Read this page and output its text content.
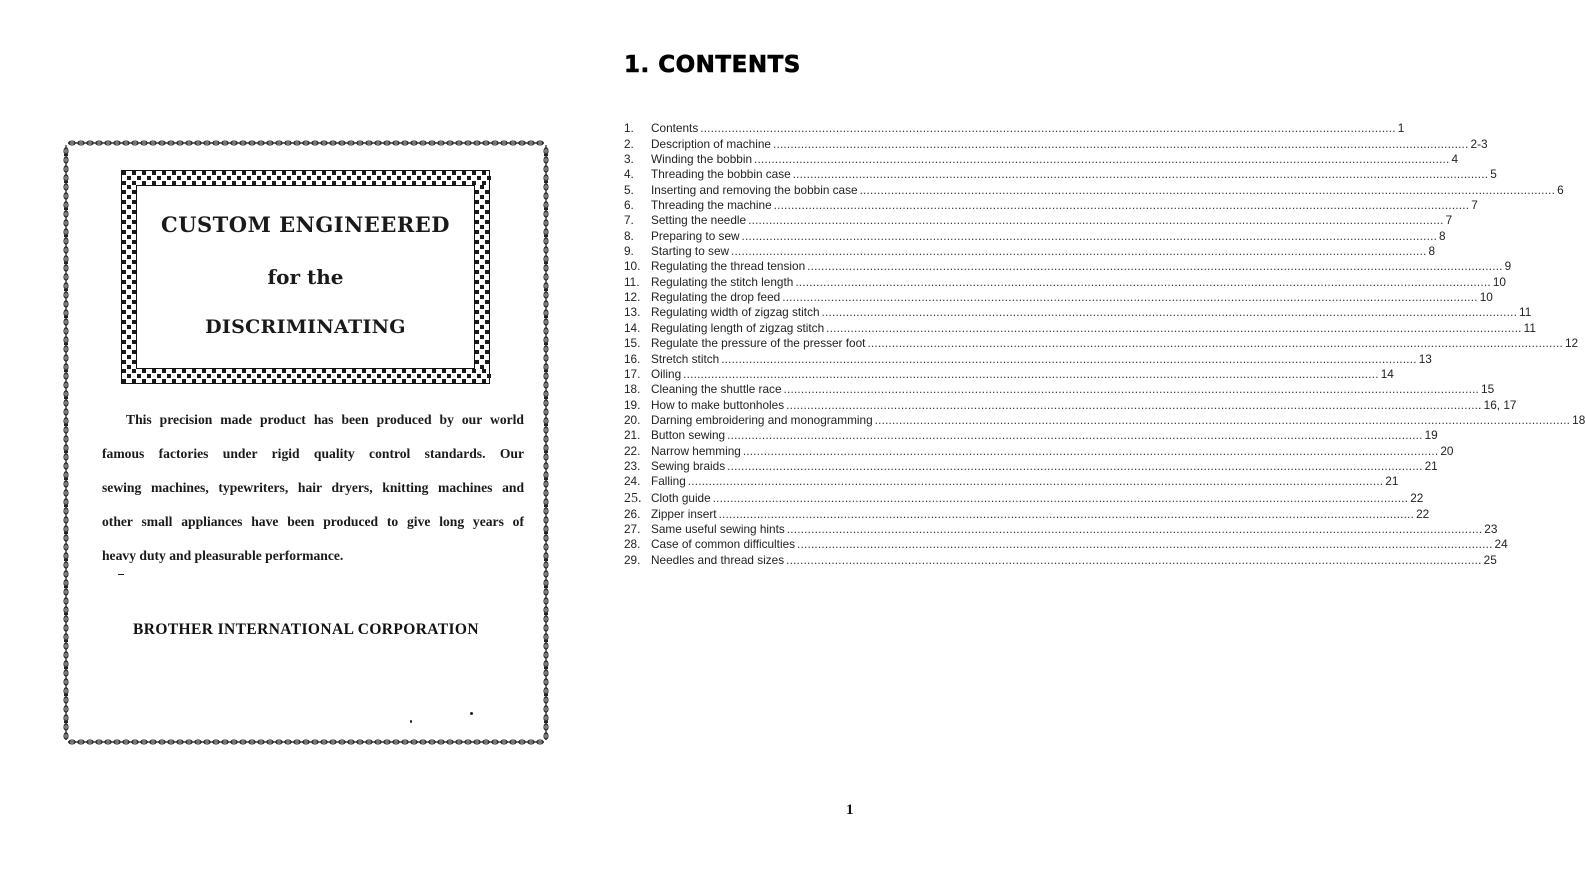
CUSTOM ENGINEERED
for the
DISCRIMINATING
This precision made product has been produced by our world
famous factories under rigid quality control standards. Our
sewing machines, typewriters, hair dryers, knitting machines and
other small appliances have been produced to give long years of
heavy duty and pleasurable performance.
BROTHER INTERNATIONAL CORPORATION
1. CONTENTS
1.	Contents ........................................................................................................................................................................................................ 1
2.	Description of machine ........................................................................................................................................................................................................ 2-3
3.	Winding the bobbin ........................................................................................................................................................................................................ 4
4.	Threading the bobbin case ........................................................................................................................................................................................................ 5
5.	Inserting and removing the bobbin case ........................................................................................................................................................................................................ 6
6.	Threading the machine ........................................................................................................................................................................................................ 7
7.	Setting the needle ........................................................................................................................................................................................................ 7
8.	Preparing to sew ........................................................................................................................................................................................................ 8
9.	Starting to sew ........................................................................................................................................................................................................ 8
10. Regulating the thread tension ........................................................................................................................................................................................................ 9
11. Regulating the stitch length ........................................................................................................................................................................................................ 10
12. Regulating the drop feed ........................................................................................................................................................................................................ 10
13. Regulating width of zigzag stitch ........................................................................................................................................................................................................ 11
14. Regulating length of zigzag stitch ........................................................................................................................................................................................................ 11
15. Regulate the pressure of the presser foot ........................................................................................................................................................................................................ 12
16. Stretch stitch ........................................................................................................................................................................................................ 13
17. Oiling ........................................................................................................................................................................................................ 14
18. Cleaning the shuttle race ........................................................................................................................................................................................................ 15
19. How to make buttonholes ........................................................................................................................................................................................................ 16, 17
20. Darning embroidering and monogramming ........................................................................................................................................................................................................ 18
21. Button sewing ........................................................................................................................................................................................................ 19
22. Narrow hemming ........................................................................................................................................................................................................ 20
23. Sewing braids ........................................................................................................................................................................................................ 21
24. Falling ........................................................................................................................................................................................................ 21
25. Cloth guide ........................................................................................................................................................................................................ 22
26. Zipper insert ........................................................................................................................................................................................................ 22
27. Same useful sewing hints ........................................................................................................................................................................................................ 23
28. Case of common difficulties ........................................................................................................................................................................................................ 24
29. Needles and thread sizes ........................................................................................................................................................................................................ 25
1
